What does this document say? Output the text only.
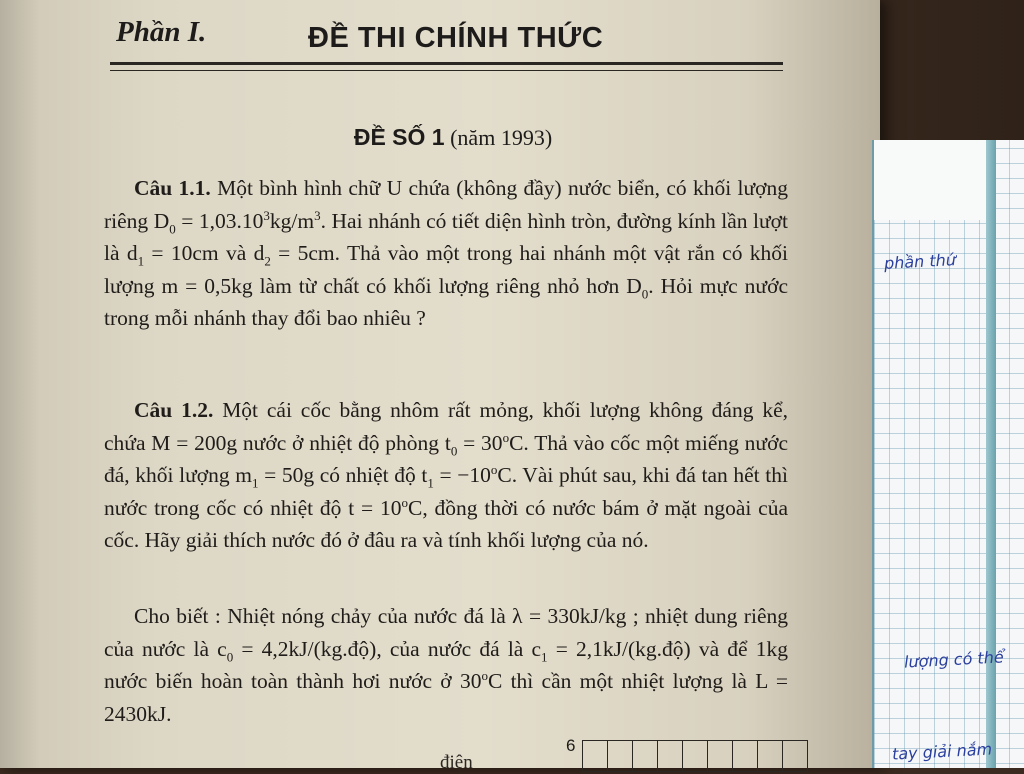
Phần I.	ĐỀ THI CHÍNH THỨC
ĐỀ SỐ 1 (năm 1993)
Câu 1.1. Một bình hình chữ U chứa (không đầy) nước biển, có khối lượng riêng $D_0 = 1,03.10^3kg/m^3$. Hai nhánh có tiết diện hình tròn, đường kính lần lượt là $d_1 = 10cm$ và $d_2 = 5cm$. Thả vào một trong hai nhánh một vật rắn có khối lượng m = 0,5kg làm từ chất có khối lượng riêng nhỏ hơn $D_0$. Hỏi mực nước trong mỗi nhánh thay đổi bao nhiêu ?
Câu 1.2. Một cái cốc bằng nhôm rất mỏng, khối lượng không đáng kể, chứa M = 200g nước ở nhiệt độ phòng $t_0 = 30^oC$. Thả vào cốc một miếng nước đá, khối lượng $m_1 = 50g$ có nhiệt độ $t_1 = -10^oC$. Vài phút sau, khi đá tan hết thì nước trong cốc có nhiệt độ $t = 10^oC$, đồng thời có nước bám ở mặt ngoài của cốc. Hãy giải thích nước đó ở đâu ra và tính khối lượng của nó.
Cho biết : Nhiệt nóng chảy của nước đá là λ = 330kJ/kg ; nhiệt dung riêng của nước là $c_0$ = 4,2kJ/(kg.độ), của nước đá là $c_1$ = 2,1kJ/(kg.độ) và để 1kg nước biến hoàn toàn thành hơi nước ở 30$^o$C thì cần một nhiệt lượng là L = 2430kJ.
điện
6
phần thứ
lượng có thể
tay giải nắm
